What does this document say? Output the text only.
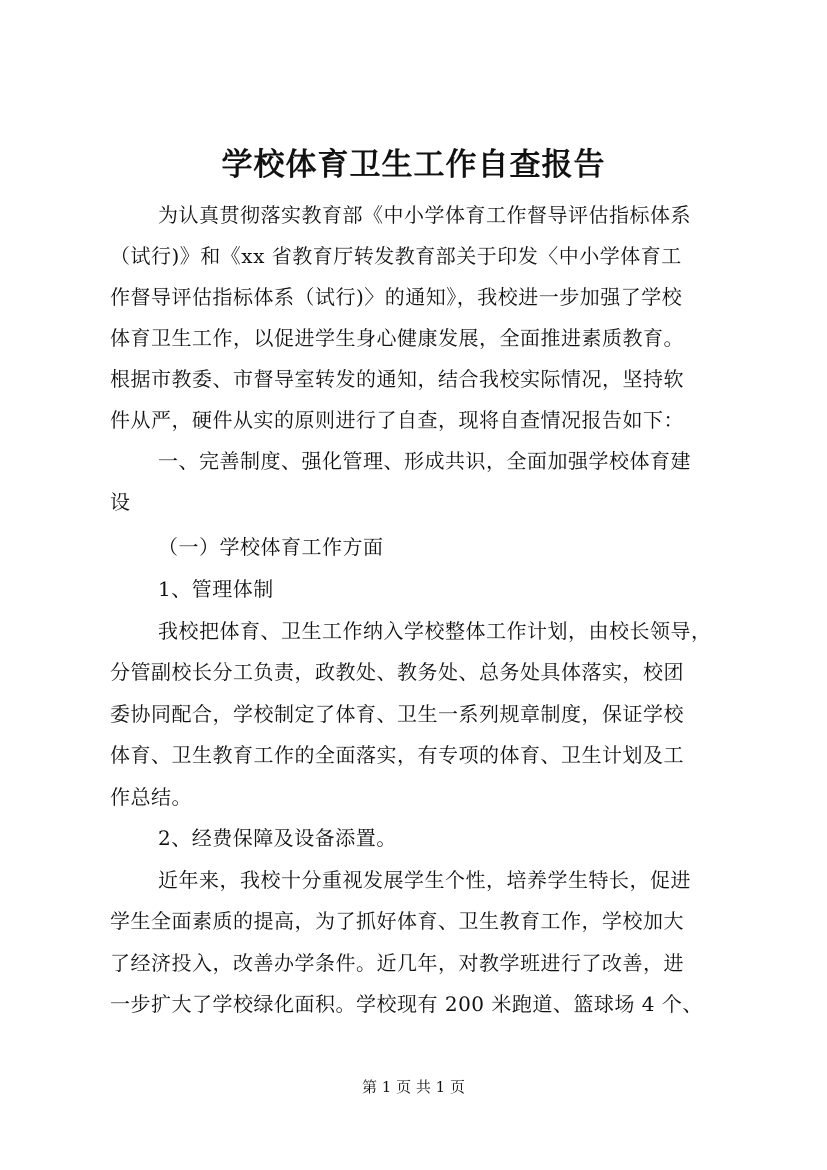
学校体育卫生工作自查报告
为认真贯彻落实教育部《中小学体育工作督导评估指标体系
（试行)》和《xx 省教育厅转发教育部关于印发〈中小学体育工
作督导评估指标体系（试行)〉的通知》，我校进一步加强了学校
体育卫生工作，以促进学生身心健康发展，全面推进素质教育。
根据市教委、市督导室转发的通知，结合我校实际情况，坚持软
件从严，硬件从实的原则进行了自查，现将自查情况报告如下：
一、完善制度、强化管理、形成共识，全面加强学校体育建
设
（一）学校体育工作方面
1、管理体制
我校把体育、卫生工作纳入学校整体工作计划，由校长领导，
分管副校长分工负责，政教处、教务处、总务处具体落实，校团
委协同配合，学校制定了体育、卫生一系列规章制度，保证学校
体育、卫生教育工作的全面落实，有专项的体育、卫生计划及工
作总结。
2、经费保障及设备添置。
近年来，我校十分重视发展学生个性，培养学生特长，促进
学生全面素质的提高，为了抓好体育、卫生教育工作，学校加大
了经济投入，改善办学条件。近几年，对教学班进行了改善，进
一步扩大了学校绿化面积。学校现有 200 米跑道、篮球场 4 个、
第 1 页 共 1 页
